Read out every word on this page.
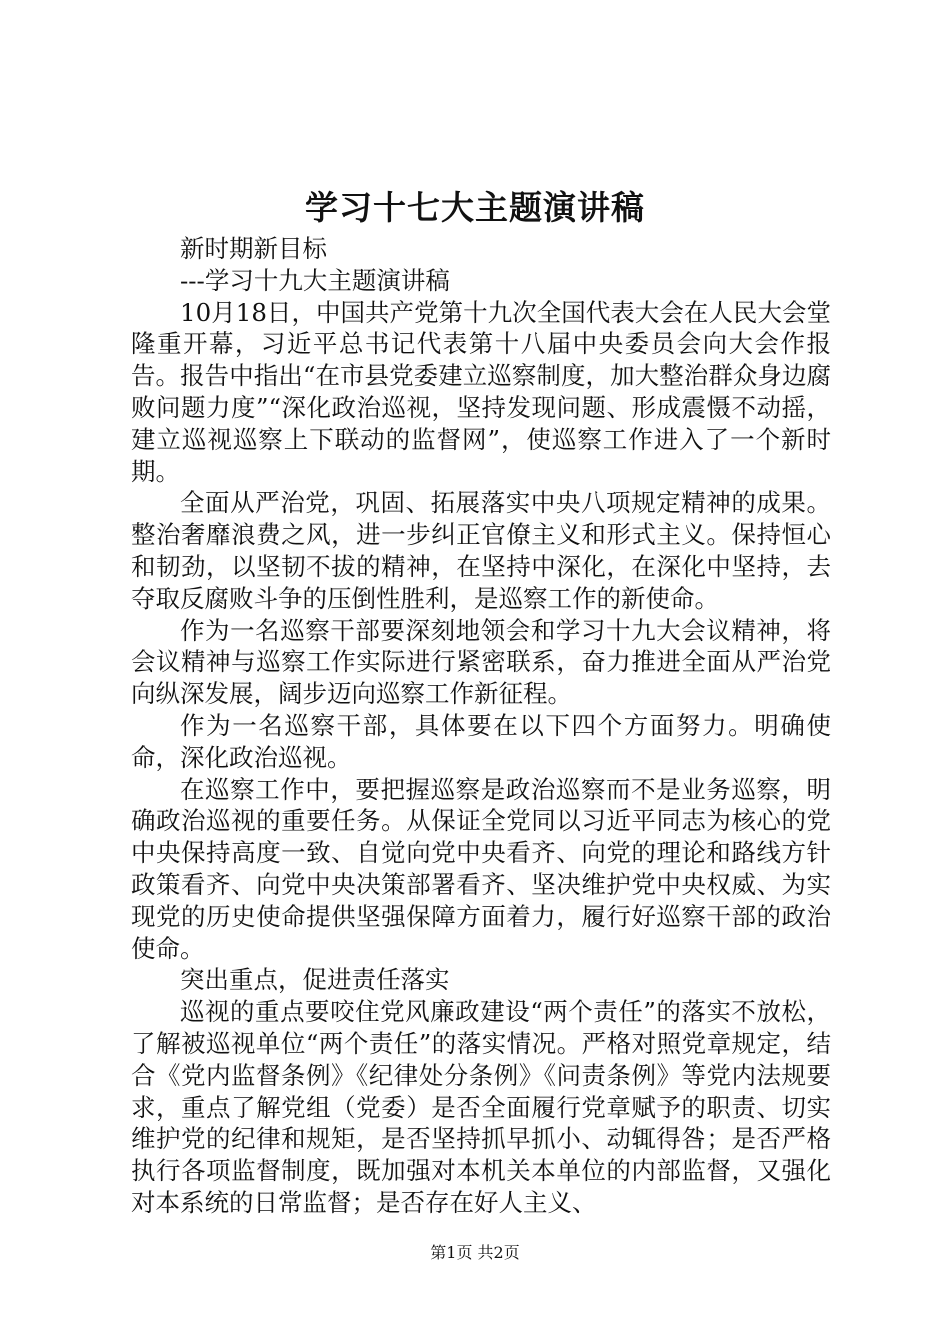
学习十七大主题演讲稿

新时期新目标

---学习十九大主题演讲稿

10月18日，中国共产党第十九次全国代表大会在人民大会堂隆重开幕，习近平总书记代表第十八届中央委员会向大会作报告。报告中指出“在市县党委建立巡察制度，加大整治群众身边腐败问题力度”“深化政治巡视，坚持发现问题、形成震慑不动摇，建立巡视巡察上下联动的监督网”，使巡察工作进入了一个新时期。

全面从严治党，巩固、拓展落实中央八项规定精神的成果。整治奢靡浪费之风，进一步纠正官僚主义和形式主义。保持恒心和韧劲，以坚韧不拔的精神，在坚持中深化，在深化中坚持，去夺取反腐败斗争的压倒性胜利，是巡察工作的新使命。

作为一名巡察干部要深刻地领会和学习十九大会议精神，将会议精神与巡察工作实际进行紧密联系，奋力推进全面从严治党向纵深发展，阔步迈向巡察工作新征程。

作为一名巡察干部，具体要在以下四个方面努力。明确使命，深化政治巡视。

在巡察工作中，要把握巡察是政治巡察而不是业务巡察，明确政治巡视的重要任务。从保证全党同以习近平同志为核心的党中央保持高度一致、自觉向党中央看齐、向党的理论和路线方针政策看齐、向党中央决策部署看齐、坚决维护党中央权威、为实现党的历史使命提供坚强保障方面着力，履行好巡察干部的政治使命。

突出重点，促进责任落实

巡视的重点要咬住党风廉政建设“两个责任”的落实不放松，了解被巡视单位“两个责任”的落实情况。严格对照党章规定，结合《党内监督条例》《纪律处分条例》《问责条例》等党内法规要求，重点了解党组（党委）是否全面履行党章赋予的职责、切实维护党的纪律和规矩，是否坚持抓早抓小、动辄得咎；是否严格执行各项监督制度，既加强对本机关本单位的内部监督，又强化对本系统的日常监督；是否存在好人主义、

第1页 共2页
